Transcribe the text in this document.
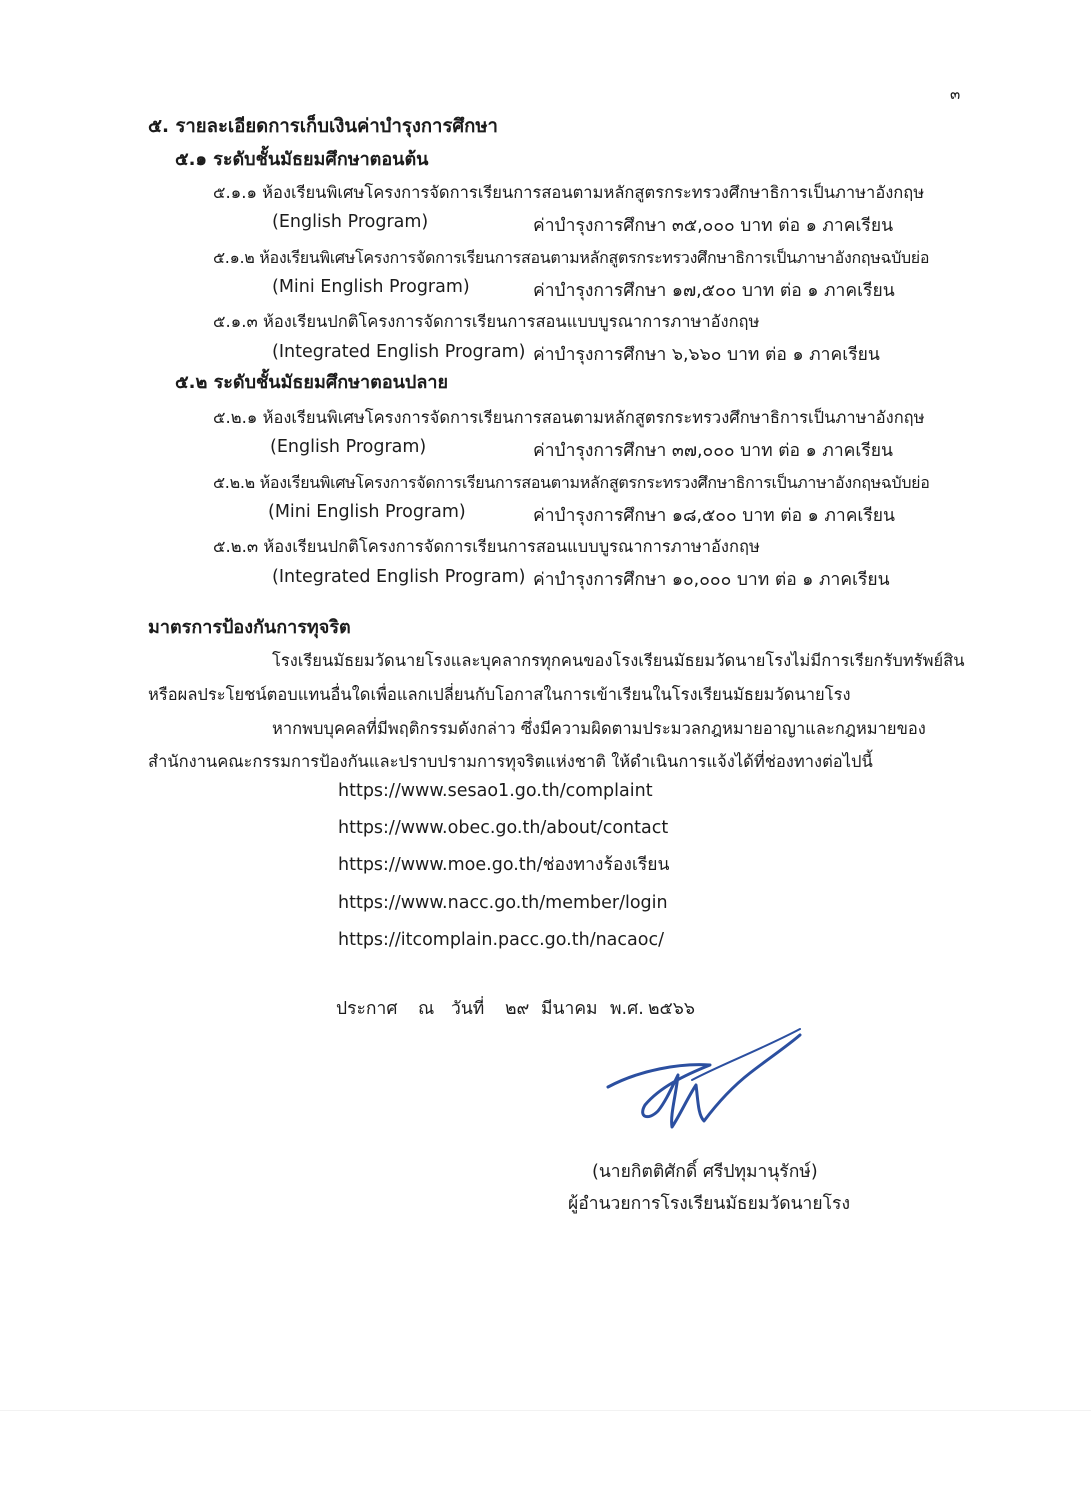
๓
๕. รายละเอียดการเก็บเงินค่าบำรุงการศึกษา
๕.๑ ระดับชั้นมัธยมศึกษาตอนต้น
๕.๑.๑ ห้องเรียนพิเศษโครงการจัดการเรียนการสอนตามหลักสูตรกระทรวงศึกษาธิการเป็นภาษาอังกฤษ
(English Program)	ค่าบำรุงการศึกษา ๓๕,๐๐๐ บาท ต่อ ๑ ภาคเรียน
๕.๑.๒ ห้องเรียนพิเศษโครงการจัดการเรียนการสอนตามหลักสูตรกระทรวงศึกษาธิการเป็นภาษาอังกฤษฉบับย่อ
(Mini English Program)	ค่าบำรุงการศึกษา ๑๗,๕๐๐ บาท ต่อ ๑ ภาคเรียน
๕.๑.๓ ห้องเรียนปกติโครงการจัดการเรียนการสอนแบบบูรณาการภาษาอังกฤษ
(Integrated English Program) ค่าบำรุงการศึกษา ๖,๖๖๐ บาท ต่อ ๑ ภาคเรียน
๕.๒ ระดับชั้นมัธยมศึกษาตอนปลาย
๕.๒.๑ ห้องเรียนพิเศษโครงการจัดการเรียนการสอนตามหลักสูตรกระทรวงศึกษาธิการเป็นภาษาอังกฤษ
(English Program)	ค่าบำรุงการศึกษา ๓๗,๐๐๐ บาท ต่อ ๑ ภาคเรียน
๕.๒.๒ ห้องเรียนพิเศษโครงการจัดการเรียนการสอนตามหลักสูตรกระทรวงศึกษาธิการเป็นภาษาอังกฤษฉบับย่อ
(Mini English Program)	ค่าบำรุงการศึกษา ๑๘,๕๐๐ บาท ต่อ ๑ ภาคเรียน
๕.๒.๓ ห้องเรียนปกติโครงการจัดการเรียนการสอนแบบบูรณาการภาษาอังกฤษ
(Integrated English Program) ค่าบำรุงการศึกษา ๑๐,๐๐๐ บาท ต่อ ๑ ภาคเรียน
มาตรการป้องกันการทุจริต
โรงเรียนมัธยมวัดนายโรงและบุคลากรทุกคนของโรงเรียนมัธยมวัดนายโรงไม่มีการเรียกรับทรัพย์สิน
หรือผลประโยชน์ตอบแทนอื่นใดเพื่อแลกเปลี่ยนกับโอกาสในการเข้าเรียนในโรงเรียนมัธยมวัดนายโรง
หากพบบุคคลที่มีพฤติกรรมดังกล่าว ซึ่งมีความผิดตามประมวลกฎหมายอาญาและกฎหมายของ
สำนักงานคณะกรรมการป้องกันและปราบปรามการทุจริตแห่งชาติ ให้ดำเนินการแจ้งได้ที่ช่องทางต่อไปนี้
https://www.sesao1.go.th/complaint
https://www.obec.go.th/about/contact
https://www.moe.go.th/ช่องทางร้องเรียน
https://www.nacc.go.th/member/login
https://itcomplain.pacc.go.th/nacaoc/
ประกาศ ณ วันที่ ๒๙ มีนาคม พ.ศ. ๒๕๖๖
(นายกิตติศักดิ์ ศรีปทุมานุรักษ์)
ผู้อำนวยการโรงเรียนมัธยมวัดนายโรง
